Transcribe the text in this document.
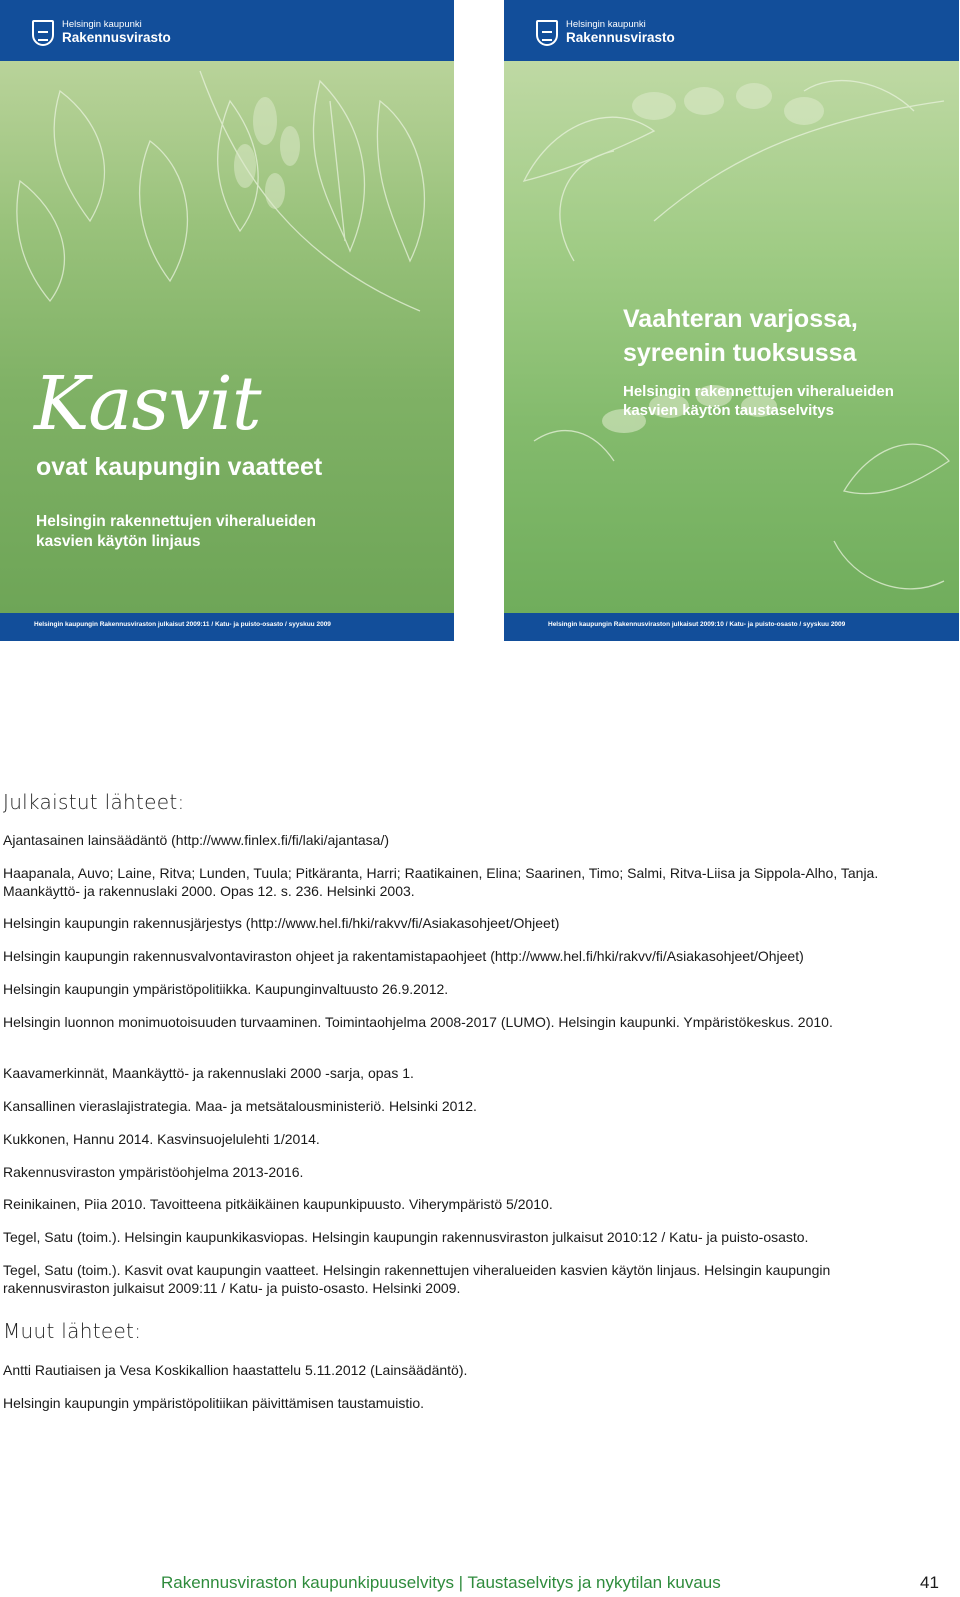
Helsingin kaupunki
Rakennusvirasto
Kasvit
ovat kaupungin vaatteet
Helsingin rakennettujen viheralueiden
kasvien käytön linjaus
Helsingin kaupungin Rakennusviraston julkaisut 2009:11 / Katu- ja puisto-osasto / syyskuu 2009
Helsingin kaupunki
Rakennusvirasto
Vaahteran varjossa,
syreenin tuoksussa
Helsingin rakennettujen viheralueiden
kasvien käytön taustaselvitys
Helsingin kaupungin Rakennusviraston julkaisut 2009:10 / Katu- ja puisto-osasto / syyskuu 2009
Julkaistut lähteet:
Ajantasainen lainsäädäntö (http://www.finlex.fi/fi/laki/ajantasa/)
Haapanala, Auvo; Laine, Ritva; Lunden, Tuula; Pitkäranta, Harri; Raatikainen, Elina; Saarinen, Timo; Salmi, Ritva-Liisa ja Sippola-Alho, Tanja. Maankäyttö- ja rakennuslaki 2000. Opas 12. s. 236. Helsinki 2003.
Helsingin kaupungin rakennusjärjestys (http://www.hel.fi/hki/rakvv/fi/Asiakasohjeet/Ohjeet)
Helsingin kaupungin rakennusvalvontaviraston ohjeet ja rakentamistapaohjeet (http://www.hel.fi/hki/rakvv/fi/Asiakasohjeet/Ohjeet)
Helsingin kaupungin ympäristöpolitiikka. Kaupunginvaltuusto 26.9.2012.
Helsingin luonnon monimuotoisuuden turvaaminen. Toimintaohjelma 2008-2017 (LUMO). Helsingin kaupunki. Ympäristökeskus. 2010.
Kaavamerkinnät, Maankäyttö- ja rakennuslaki 2000 -sarja, opas 1.
Kansallinen vieraslajistrategia. Maa- ja metsätalousministeriö. Helsinki 2012.
Kukkonen, Hannu 2014. Kasvinsuojelulehti 1/2014.
Rakennusviraston ympäristöohjelma 2013-2016.
Reinikainen, Piia 2010. Tavoitteena pitkäikäinen kaupunkipuusto. Viherympäristö 5/2010.
Tegel, Satu (toim.). Helsingin kaupunkikasviopas. Helsingin kaupungin rakennusviraston julkaisut 2010:12 / Katu- ja puisto-osasto.
Tegel, Satu (toim.). Kasvit ovat kaupungin vaatteet. Helsingin rakennettujen viheralueiden kasvien käytön linjaus. Helsingin kaupungin rakennusviraston julkaisut 2009:11 / Katu- ja puisto-osasto. Helsinki 2009.
Muut lähteet:
Antti Rautiaisen ja Vesa Koskikallion haastattelu 5.11.2012 (Lainsäädäntö).
Helsingin kaupungin ympäristöpolitiikan päivittämisen taustamuistio.
Rakennusviraston kaupunkipuuselvitys | Taustaselvitys ja nykytilan kuvaus	41
